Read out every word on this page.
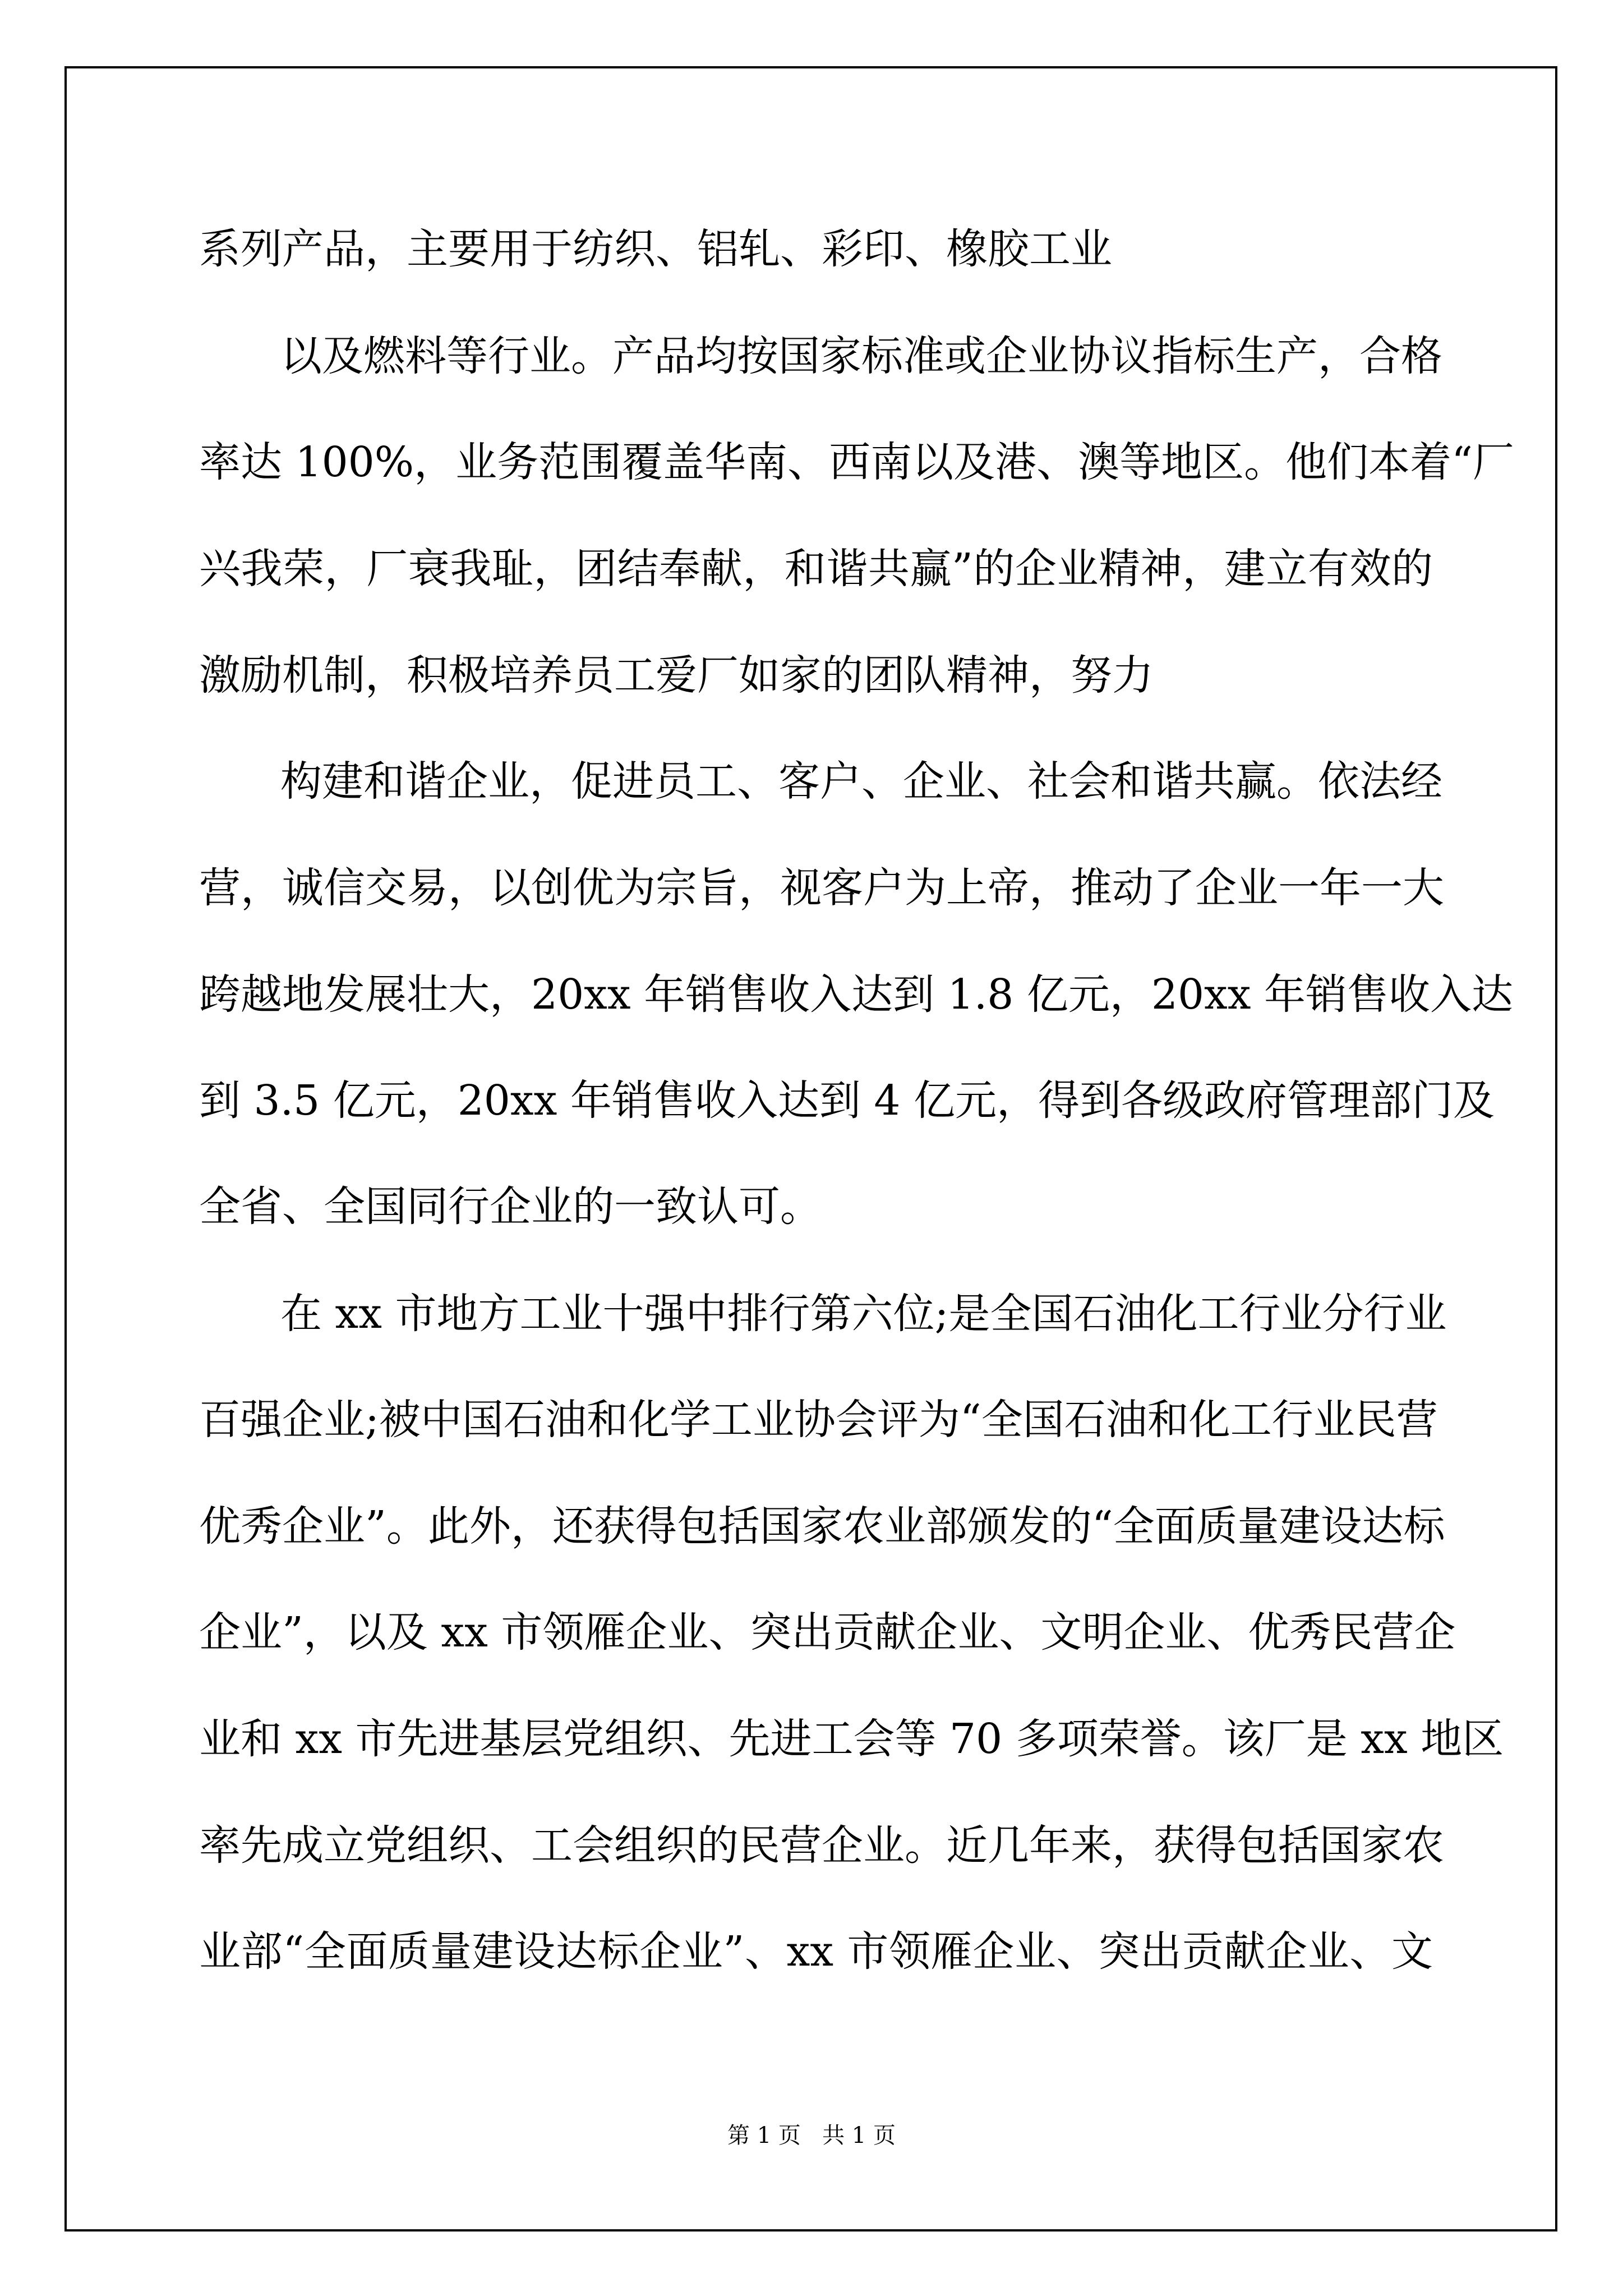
系列产品，主要用于纺织、铝轧、彩印、橡胶工业
以及燃料等行业。产品均按国家标准或企业协议指标生产，合格
率达 100%，业务范围覆盖华南、西南以及港、澳等地区。他们本着“厂
兴我荣，厂衰我耻，团结奉献，和谐共赢”的企业精神，建立有效的
激励机制，积极培养员工爱厂如家的团队精神，努力
构建和谐企业，促进员工、客户、企业、社会和谐共赢。依法经
营，诚信交易，以创优为宗旨，视客户为上帝，推动了企业一年一大
跨越地发展壮大，20xx 年销售收入达到 1.8 亿元，20xx 年销售收入达
到 3.5 亿元，20xx 年销售收入达到 4 亿元，得到各级政府管理部门及
全省、全国同行企业的一致认可。
在 xx 市地方工业十强中排行第六位;是全国石油化工行业分行业
百强企业;被中国石油和化学工业协会评为“全国石油和化工行业民营
优秀企业”。此外，还获得包括国家农业部颁发的“全面质量建设达标
企业”，以及 xx 市领雁企业、突出贡献企业、文明企业、优秀民营企
业和 xx 市先进基层党组织、先进工会等 70 多项荣誉。该厂是 xx 地区
率先成立党组织、工会组织的民营企业。近几年来，获得包括国家农
业部“全面质量建设达标企业”、xx 市领雁企业、突出贡献企业、文
第 1 页   共 1 页
